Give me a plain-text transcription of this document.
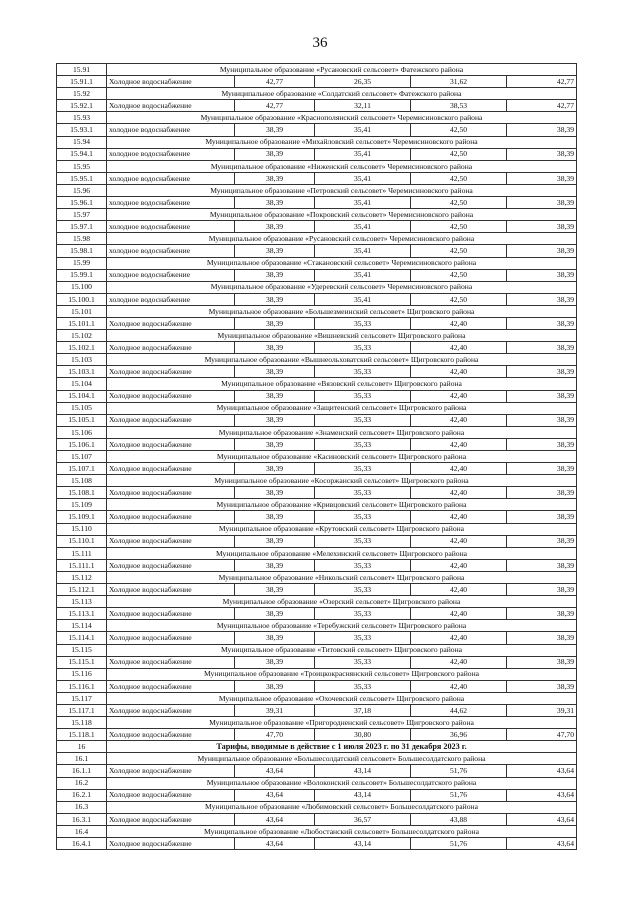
36
15.91	Муниципальное образование «Русановский сельсовет» Фатежского района				
15.91.1	Холодное водоснабжение	42,77	26,35	31,62	42,77
15.92	Муниципальное образование «Солдатский сельсовет» Фатежского района				
15.92.1	Холодное водоснабжение	42,77	32,11	38,53	42,77
15.93	Муниципальное образование «Краснополянский сельсовет» Черемисиновского района				
15.93.1	холодное водоснабжение	38,39	35,41	42,50	38,39
15.94	Муниципальное образование «Михайловский сельсовет» Черемисиновского района				
15.94.1	холодное водоснабжение	38,39	35,41	42,50	38,39
15.95	Муниципальное образование «Ниженский сельсовет» Черемисиновского района				
15.95.1	холодное водоснабжение	38,39	35,41	42,50	38,39
15.96	Муниципальное образование «Петровский сельсовет» Черемисиновского района				
15.96.1	холодное водоснабжение	38,39	35,41	42,50	38,39
15.97	Муниципальное образование «Покровский сельсовет» Черемисиновского района				
15.97.1	холодное водоснабжение	38,39	35,41	42,50	38,39
15.98	Муниципальное образование «Русановский сельсовет» Черемисиновского района				
15.98.1	холодное водоснабжение	38,39	35,41	42,50	38,39
15.99	Муниципальное образование «Стакановский сельсовет» Черемисиновского района				
15.99.1	холодное водоснабжение	38,39	35,41	42,50	38,39
15.100	Муниципальное образование «Удеревский сельсовет» Черемисиновского района				
15.100.1	холодное водоснабжение	38,39	35,41	42,50	38,39
15.101	Муниципальное образование «Большезмеинский сельсовет» Щигровского района				
15.101.1	Холодное водоснабжение	38,39	35,33	42,40	38,39
15.102	Муниципальное образование «Вишневский сельсовет» Щигровского района				
15.102.1	Холодное водоснабжение	38,39	35,33	42,40	38,39
15.103	Муниципальное образование «Вышнеольховатский сельсовет» Щигровского района				
15.103.1	Холодное водоснабжение	38,39	35,33	42,40	38,39
15.104	Муниципальное образование «Вязовский сельсовет» Щигровского района				
15.104.1	Холодное водоснабжение	38,39	35,33	42,40	38,39
15.105	Муниципальное образование «Защитенский сельсовет» Щигровского района				
15.105.1	Холодное водоснабжение	38,39	35,33	42,40	38,39
15.106	Муниципальное образование «Знаменский сельсовет» Щигровского района				
15.106.1	Холодное водоснабжение	38,39	35,33	42,40	38,39
15.107	Муниципальное образование «Касиновский сельсовет» Щигровского района				
15.107.1	Холодное водоснабжение	38,39	35,33	42,40	38,39
15.108	Муниципальное образование «Косоржанский сельсовет» Щигровского района				
15.108.1	Холодное водоснабжение	38,39	35,33	42,40	38,39
15.109	Муниципальное образование «Кривцовский сельсовет» Щигровского района				
15.109.1	Холодное водоснабжение	38,39	35,33	42,40	38,39
15.110	Муниципальное образование «Крутовский сельсовет» Щигровского района				
15.110.1	Холодное водоснабжение	38,39	35,33	42,40	38,39
15.111	Муниципальное образование «Мелехинский сельсовет» Щигровского района				
15.111.1	Холодное водоснабжение	38,39	35,33	42,40	38,39
15.112	Муниципальное образование «Никольский сельсовет» Щигровского района				
15.112.1	Холодное водоснабжение	38,39	35,33	42,40	38,39
15.113	Муниципальное образование «Озерский сельсовет» Щигровского района				
15.113.1	Холодное водоснабжение	38,39	35,33	42,40	38,39
15.114	Муниципальное образование «Теребужский сельсовет» Щигровского района				
15.114.1	Холодное водоснабжение	38,39	35,33	42,40	38,39
15.115	Муниципальное образование «Титовский сельсовет» Щигровского района				
15.115.1	Холодное водоснабжение	38,39	35,33	42,40	38,39
15.116	Муниципальное образование «Троицкокраснянский сельсовет» Щигровского района				
15.116.1	Холодное водоснабжение	38,39	35,33	42,40	38,39
15.117	Муниципальное образование «Охочевский сельсовет» Щигровского района				
15.117.1	Холодное водоснабжение	39,31	37,18	44,62	39,31
15.118	Муниципальное образование «Пригородненский сельсовет» Щигровского района				
15.118.1	Холодное водоснабжение	47,70	30,80	36,96	47,70
16	Тарифы, вводимые в действие с 1 июля 2023 г. по 31 декабря 2023 г.				
16.1	Муниципальное образование «Большесолдатский сельсовет» Большесолдатского района				
16.1.1	Холодное водоснабжение	43,64	43,14	51,76	43,64
16.2	Муниципальное образование «Волоконский сельсовет» Большесолдатского района				
16.2.1	Холодное водоснабжение	43,64	43,14	51,76	43,64
16.3	Муниципальное образование «Любимовский сельсовет» Большесолдатского района				
16.3.1	Холодное водоснабжение	43,64	36,57	43,88	43,64
16.4	Муниципальное образование «Любостанский сельсовет» Большесолдатского района				
16.4.1	Холодное водоснабжение	43,64	43,14	51,76	43,64
